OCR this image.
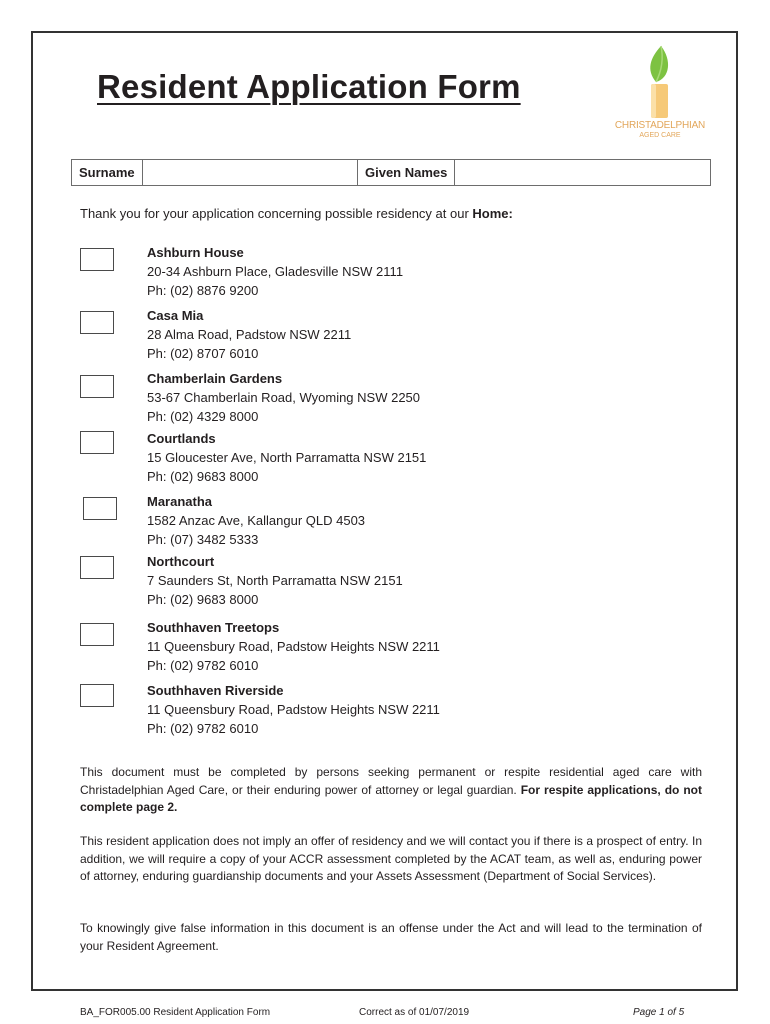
Resident Application Form
CHRISTADELPHIAN
AGED CARE
Surname		Given Names	

Thank you for your application concerning possible residency at our Home:

Ashburn House
20-34 Ashburn Place, Gladesville NSW 2111
Ph: (02) 8876 9200
Casa Mia
28 Alma Road, Padstow NSW 2211
Ph: (02) 8707 6010
Chamberlain Gardens
53-67 Chamberlain Road, Wyoming NSW 2250
Ph: (02) 4329 8000
Courtlands
15 Gloucester Ave, North Parramatta NSW 2151
Ph: (02) 9683 8000
Maranatha
1582 Anzac Ave, Kallangur QLD 4503
Ph: (07) 3482 5333
Northcourt
7 Saunders St, North Parramatta NSW 2151
Ph: (02) 9683 8000
Southhaven Treetops
11 Queensbury Road, Padstow Heights NSW 2211
Ph: (02) 9782 6010
Southhaven Riverside
11 Queensbury Road, Padstow Heights NSW 2211
Ph: (02) 9782 6010

This document must be completed by persons seeking permanent or respite residential aged care with Christadelphian Aged Care, or their enduring power of attorney or legal guardian. For respite applications, do not complete page 2.

This resident application does not imply an offer of residency and we will contact you if there is a prospect of entry. In addition, we will require a copy of your ACCR assessment completed by the ACAT team, as well as, enduring power of attorney, enduring guardianship documents and your Assets Assessment (Department of Social Services).

To knowingly give false information in this document is an offense under the Act and will lead to the termination of your Resident Agreement.

BA_FOR005.00 Resident Application Form	Correct as of 01/07/2019	Page 1 of 5
